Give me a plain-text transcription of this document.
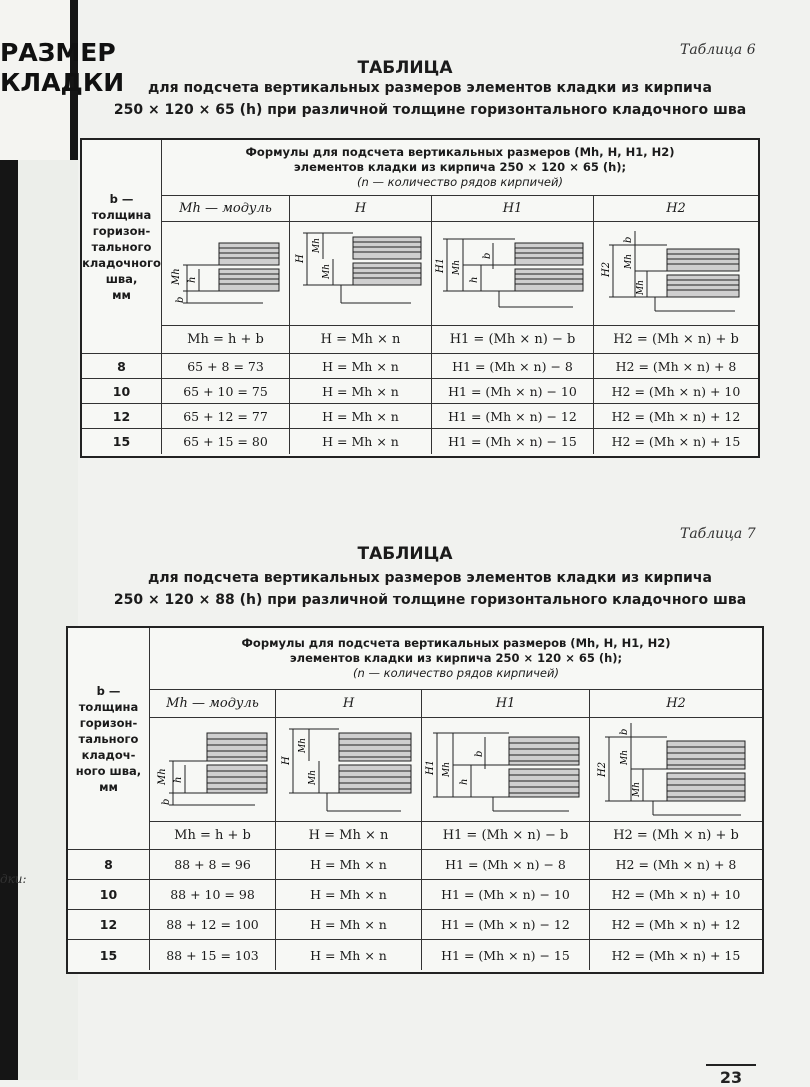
РАЗМЕР
КЛАДКИ
дки:
Таблица 6
ТАБЛИЦА
для подсчета вертикальных размеров элементов кладки из кирпича
250 × 120 × 65 (h) при различной толщине горизонтального кладочного шва
b —
толщина
горизон-
тального
кладочного
шва,
мм
Формулы для подсчета вертикальных размеров (Mh, H, H1, H2)
элементов кладки из кирпича 250 × 120 × 65 (h);
(n — количество рядов кирпичей)
Mh — модуль	H	H1	H2
Mh h
b
H
Mh
Mh	H1 Mh
h
b
H2
b
Mh
Mh
Mh = h + b	H = Mh × n	H1 = (Mh × n) − b	H2 = (Mh × n) + b
8	65 + 8 = 73	H = Mh × n	H1 = (Mh × n) − 8	H2 = (Mh × n) + 8
10	65 + 10 = 75	H = Mh × n	H1 = (Mh × n) − 10	H2 = (Mh × n) + 10
12	65 + 12 = 77	H = Mh × n	H1 = (Mh × n) − 12	H2 = (Mh × n) + 12
15	65 + 15 = 80	H = Mh × n	H1 = (Mh × n) − 15	H2 = (Mh × n) + 15
Таблица 7
ТАБЛИЦА
для подсчета вертикальных размеров элементов кладки из кирпича
250 × 120 × 88 (h) при различной толщине горизонтального кладочного шва
b —
толщина
горизон-
тального
кладоч-
ного шва,
мм
Формулы для подсчета вертикальных размеров (Mh, H, H1, H2)
элементов кладки из кирпича 250 × 120 × 65 (h);
(n — количество рядов кирпичей)
Mh — модуль	H	H1	H2
Mh h
b
H
Mh
Mh
H1 Mh
h
b
H2
b
Mh
Mh
Mh = h + b	H = Mh × n	H1 = (Mh × n) − b	H2 = (Mh × n) + b
8	88 + 8 = 96	H = Mh × n	H1 = (Mh × n) − 8	H2 = (Mh × n) + 8
10	88 + 10 = 98	H = Mh × n	H1 = (Mh × n) − 10	H2 = (Mh × n) + 10
12	88 + 12 = 100	H = Mh × n	H1 = (Mh × n) − 12	H2 = (Mh × n) + 12
15	88 + 15 = 103	H = Mh × n	H1 = (Mh × n) − 15	H2 = (Mh × n) + 15
23
